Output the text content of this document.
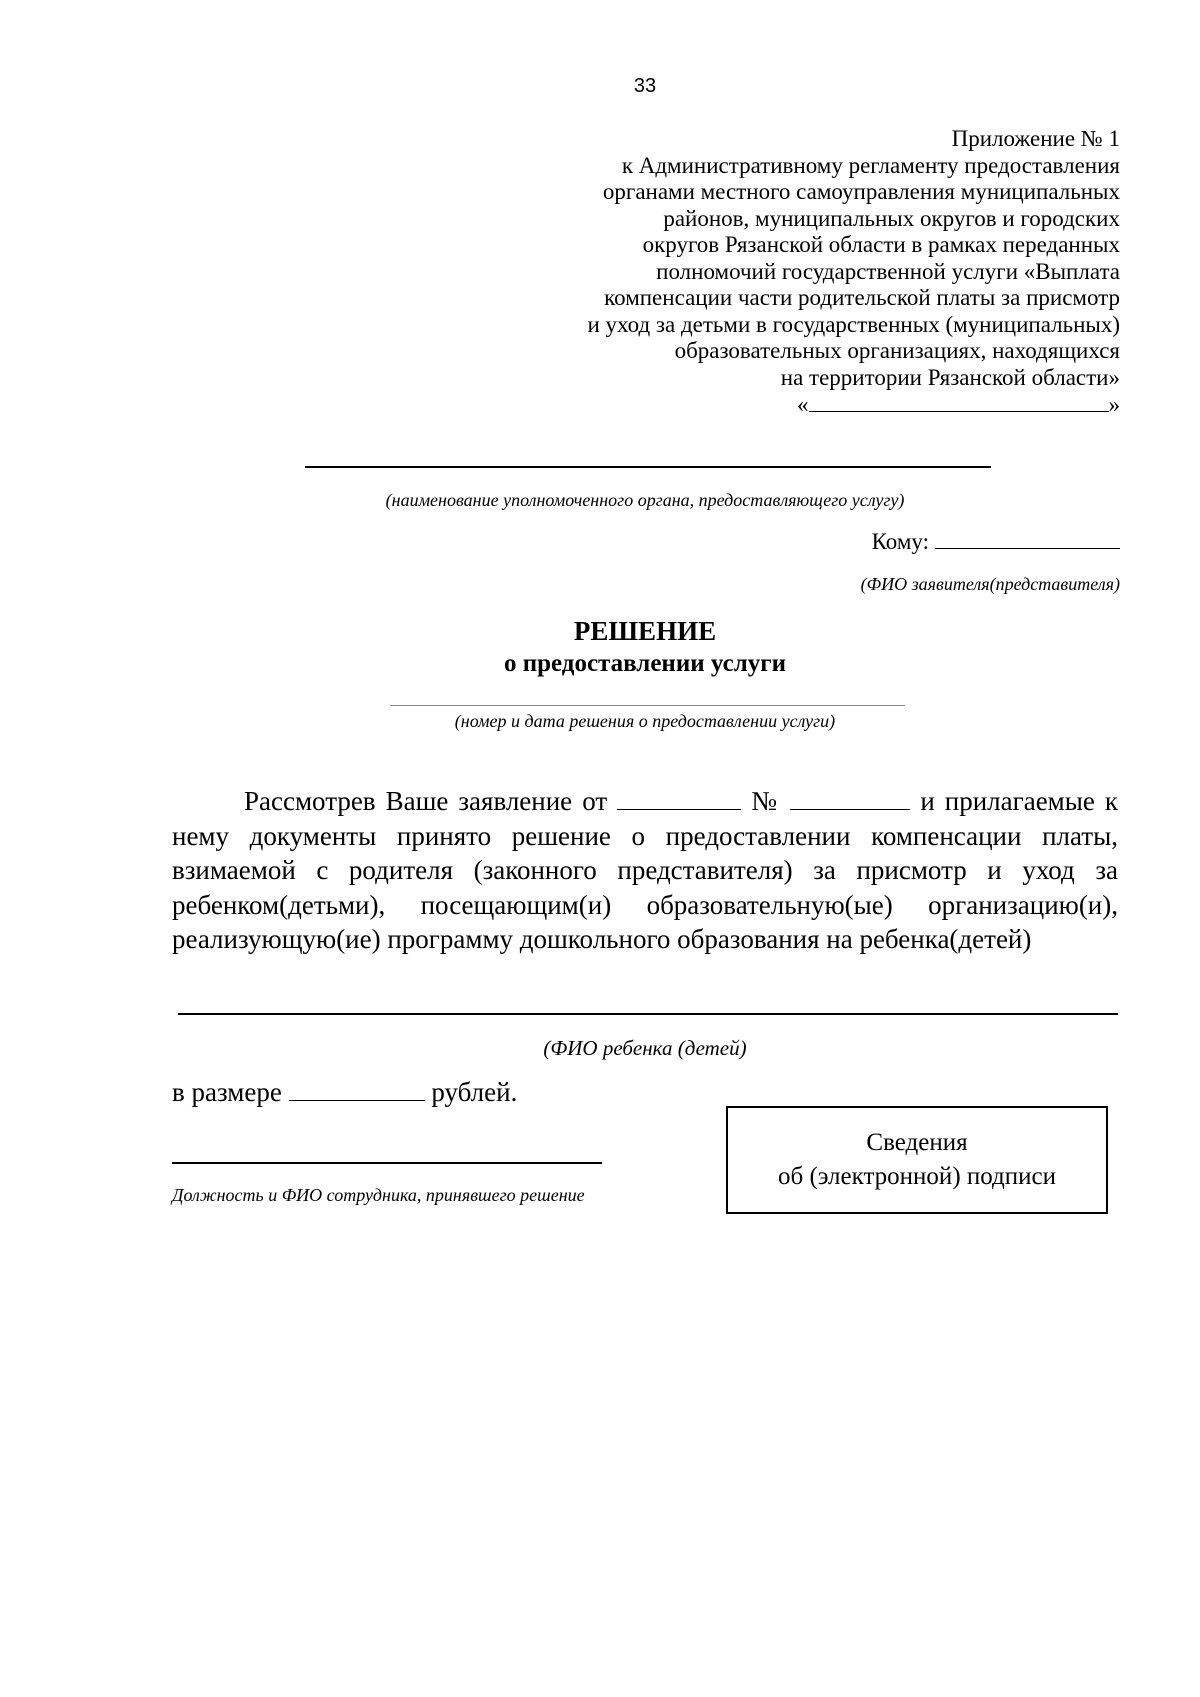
33
Приложение № 1
к Административному регламенту предоставления
органами местного самоуправления муниципальных
районов, муниципальных округов и городских
округов Рязанской области в рамках переданных
полномочий государственной услуги «Выплата
компенсации части родительской платы за присмотр
и уход за детьми в государственных (муниципальных)
образовательных организациях, находящихся
на территории Рязанской области»
«	»
(наименование уполномоченного органа, предоставляющего услугу)
Кому:
(ФИО заявителя(представителя)
РЕШЕНИЕ
о предоставлении услуги
(номер и дата решения о предоставлении услуги)
Рассмотрев Ваше заявление от	№	и прилагаемые к нему документы принято решение о предоставлении компенсации платы, взимаемой с родителя (законного представителя) за присмотр и уход за ребенком(детьми), посещающим(и) образовательную(ые) организацию(и), реализующую(ие) программу дошкольного образования на ребенка(детей)
(ФИО ребенка (детей)
в размере	рублей.
Должность и ФИО сотрудника, принявшего решение
Сведения
об (электронной) подписи
